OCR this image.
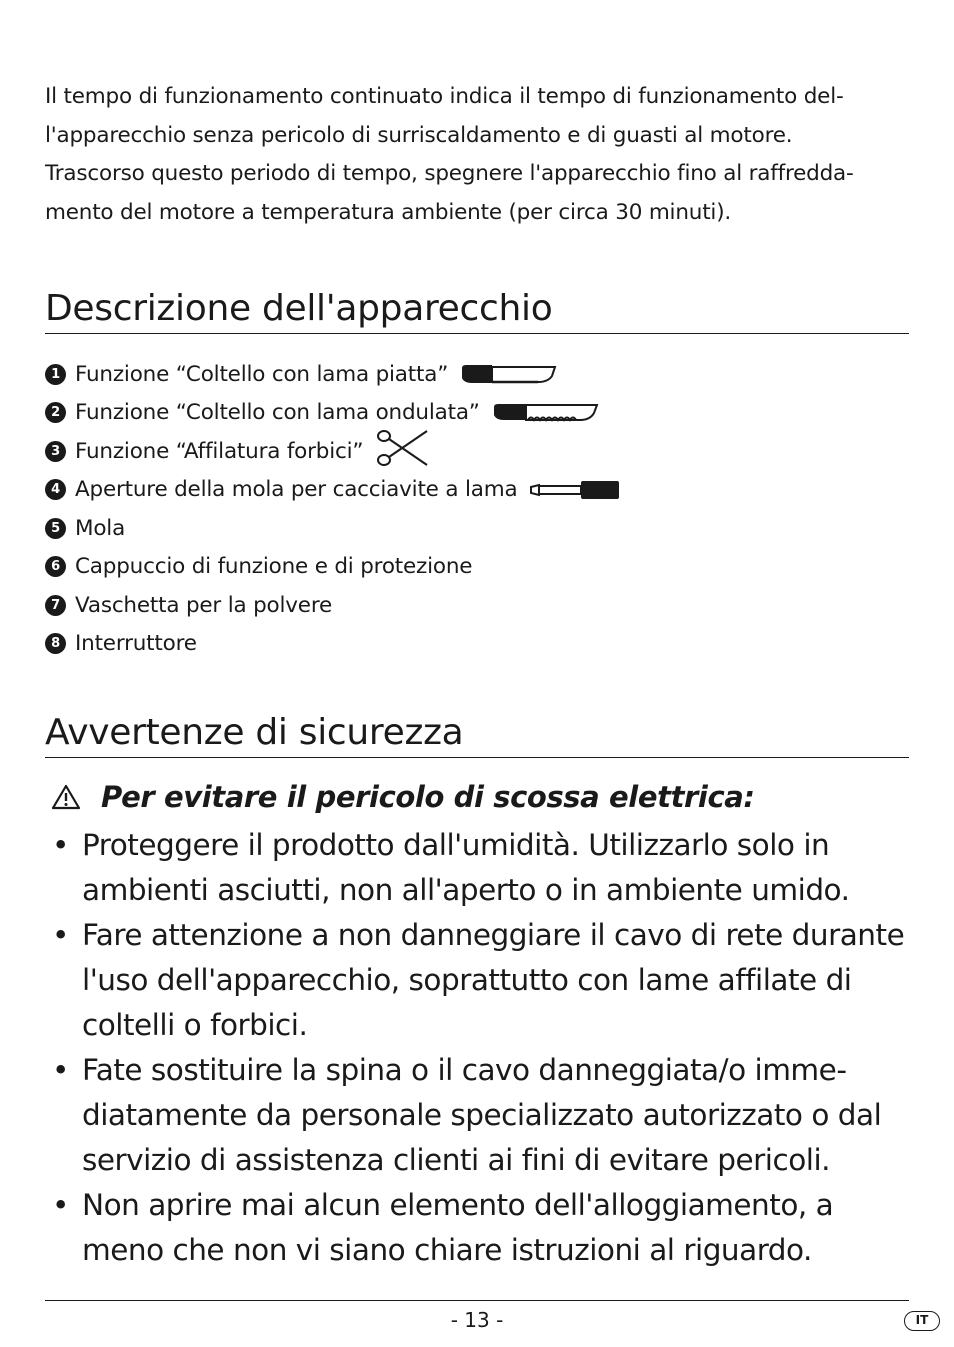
Il tempo di funzionamento continuato indica il tempo di funzionamento del-
l'apparecchio senza pericolo di surriscaldamento e di guasti al motore.
Trascorso questo periodo di tempo, spegnere l'apparecchio fino al raffredda-
mento del motore a temperatura ambiente (per circa 30 minuti).

Descrizione dell'apparecchio
1 Funzione “Coltello con lama piatta”
2 Funzione “Coltello con lama ondulata”
3 Funzione “Affilatura forbici”
4 Aperture della mola per cacciavite a lama
5 Mola
6 Cappuccio di funzione e di protezione
7 Vaschetta per la polvere
8 Interruttore
Avvertenze di sicurezza
Per evitare il pericolo di scossa elettrica:
• Proteggere il prodotto dall'umidità. Utilizzarlo solo in
ambienti asciutti, non all'aperto o in ambiente umido.
• Fare attenzione a non danneggiare il cavo di rete durante
l'uso dell'apparecchio, soprattutto con lame affilate di
coltelli o forbici.
• Fate sostituire la spina o il cavo danneggiata/o imme-
diatamente da personale specializzato autorizzato o dal
servizio di assistenza clienti ai fini di evitare pericoli.
• Non aprire mai alcun elemento dell'alloggiamento, a
meno che non vi siano chiare istruzioni al riguardo.
- 13 -	IT
